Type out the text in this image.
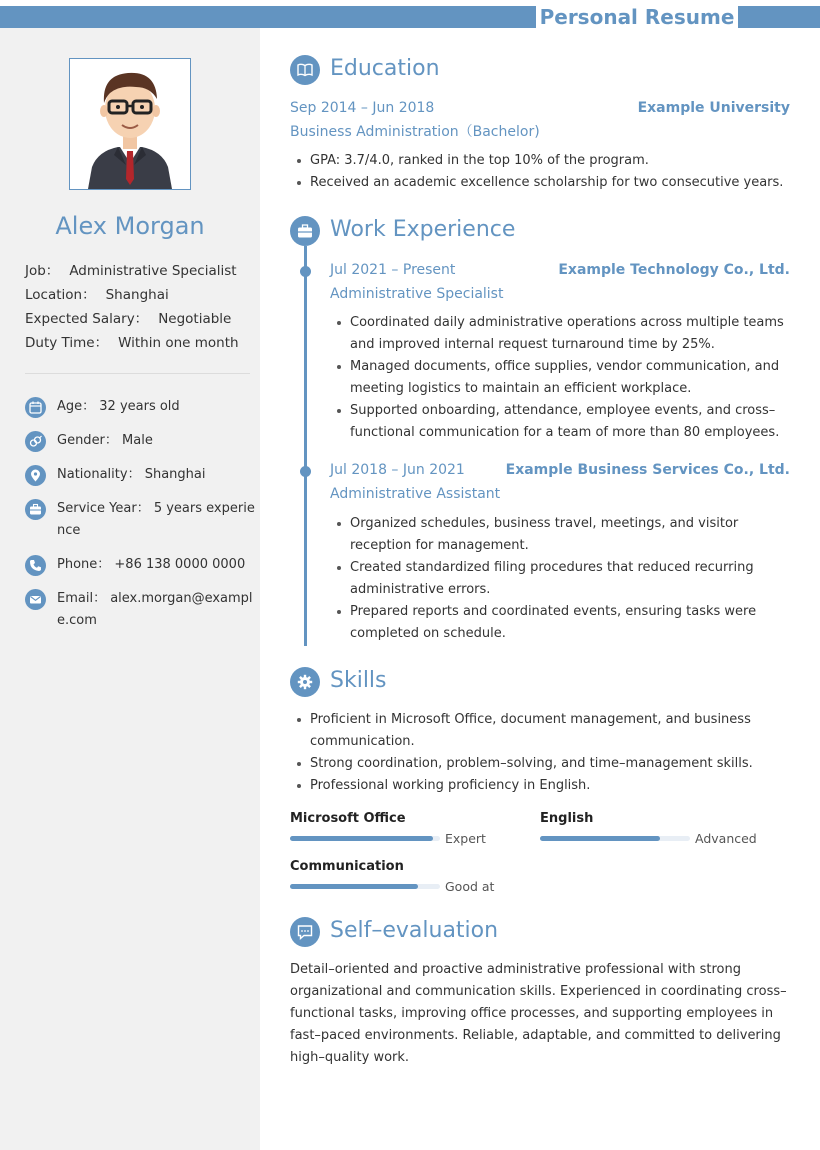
Personal Resume
Alex Morgan
Job： Administrative Specialist
Location： Shanghai
Expected Salary： Negotiable
Duty Time： Within one month
Age： 32 years old
Gender： Male
Nationality： Shanghai
Service Year： 5 years experience
Phone： +86 138 0000 0000
Email： alex.morgan@example.com
Education
Sep 2014 – Jun 2018	Example University
Business Administration（Bachelor)
GPA: 3.7/4.0, ranked in the top 10% of the program.
Received an academic excellence scholarship for two consecutive years.
Work Experience
Jul 2021 – Present	Example Technology Co., Ltd.
Administrative Specialist
Coordinated daily administrative operations across multiple teams and improved internal request turnaround time by 25%.
Managed documents, office supplies, vendor communication, and meeting logistics to maintain an efficient workplace.
Supported onboarding, attendance, employee events, and cross–functional communication for a team of more than 80 employees.
Jul 2018 – Jun 2021	Example Business Services Co., Ltd.
Administrative Assistant
Organized schedules, business travel, meetings, and visitor reception for management.
Created standardized filing procedures that reduced recurring administrative errors.
Prepared reports and coordinated events, ensuring tasks were completed on schedule.
Skills
Proficient in Microsoft Office, document management, and business communication.
Strong coordination, problem–solving, and time–management skills.
Professional working proficiency in English.
Microsoft Office
Expert
English
Advanced
Communication
Good at
Self–evaluation
Detail–oriented and proactive administrative professional with strong organizational and communication skills. Experienced in coordinating cross–functional tasks, improving office processes, and supporting employees in fast–paced environments. Reliable, adaptable, and committed to delivering high–quality work.
